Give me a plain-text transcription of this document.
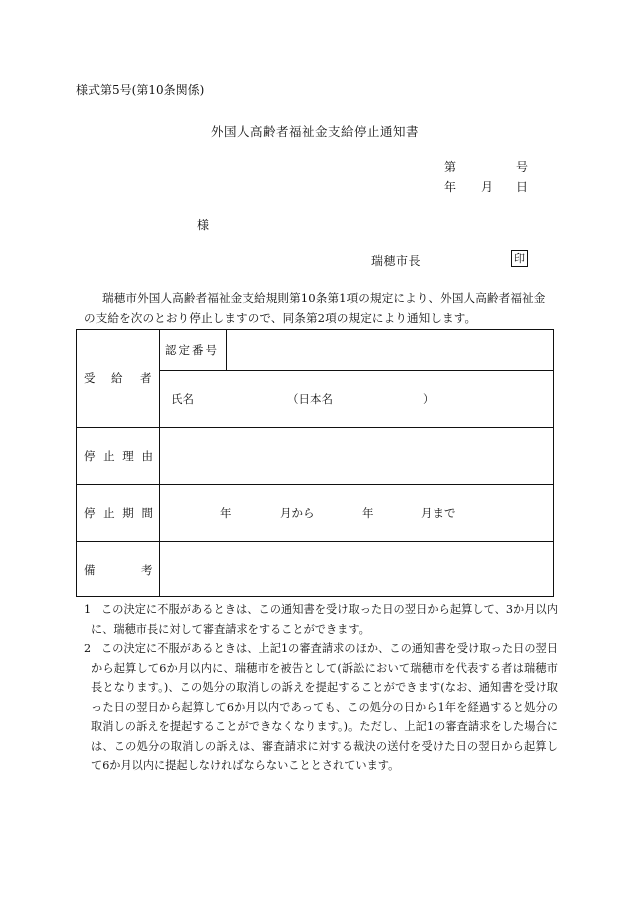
様式第5号(第10条関係)
外国人高齢者福祉金支給停止通知書
第	号
年 月 日
様
瑞穂市長	印
瑞穂市外国人高齢者福祉金支給規則第10条第1項の規定により、外国人高齢者福祉金の支給を次のとおり停止しますので、同条第2項の規定により通知します。
受 給 者
認定番号
氏名	（日本名	）
停 止 理 由
停 止 期 間	年	月から	年	月まで
備	考
1 この決定に不服があるときは、この通知書を受け取った日の翌日から起算して、3か月以内に、瑞穂市長に対して審査請求をすることができます。
2 この決定に不服があるときは、上記1の審査請求のほか、この通知書を受け取った日の翌日から起算して6か月以内に、瑞穂市を被告として(訴訟において瑞穂市を代表する者は瑞穂市長となります。)、この処分の取消しの訴えを提起することができます(なお、通知書を受け取った日の翌日から起算して6か月以内であっても、この処分の日から1年を経過すると処分の取消しの訴えを提起することができなくなります。)。ただし、上記1の審査請求をした場合には、この処分の取消しの訴えは、審査請求に対する裁決の送付を受けた日の翌日から起算して6か月以内に提起しなければならないこととされています。
